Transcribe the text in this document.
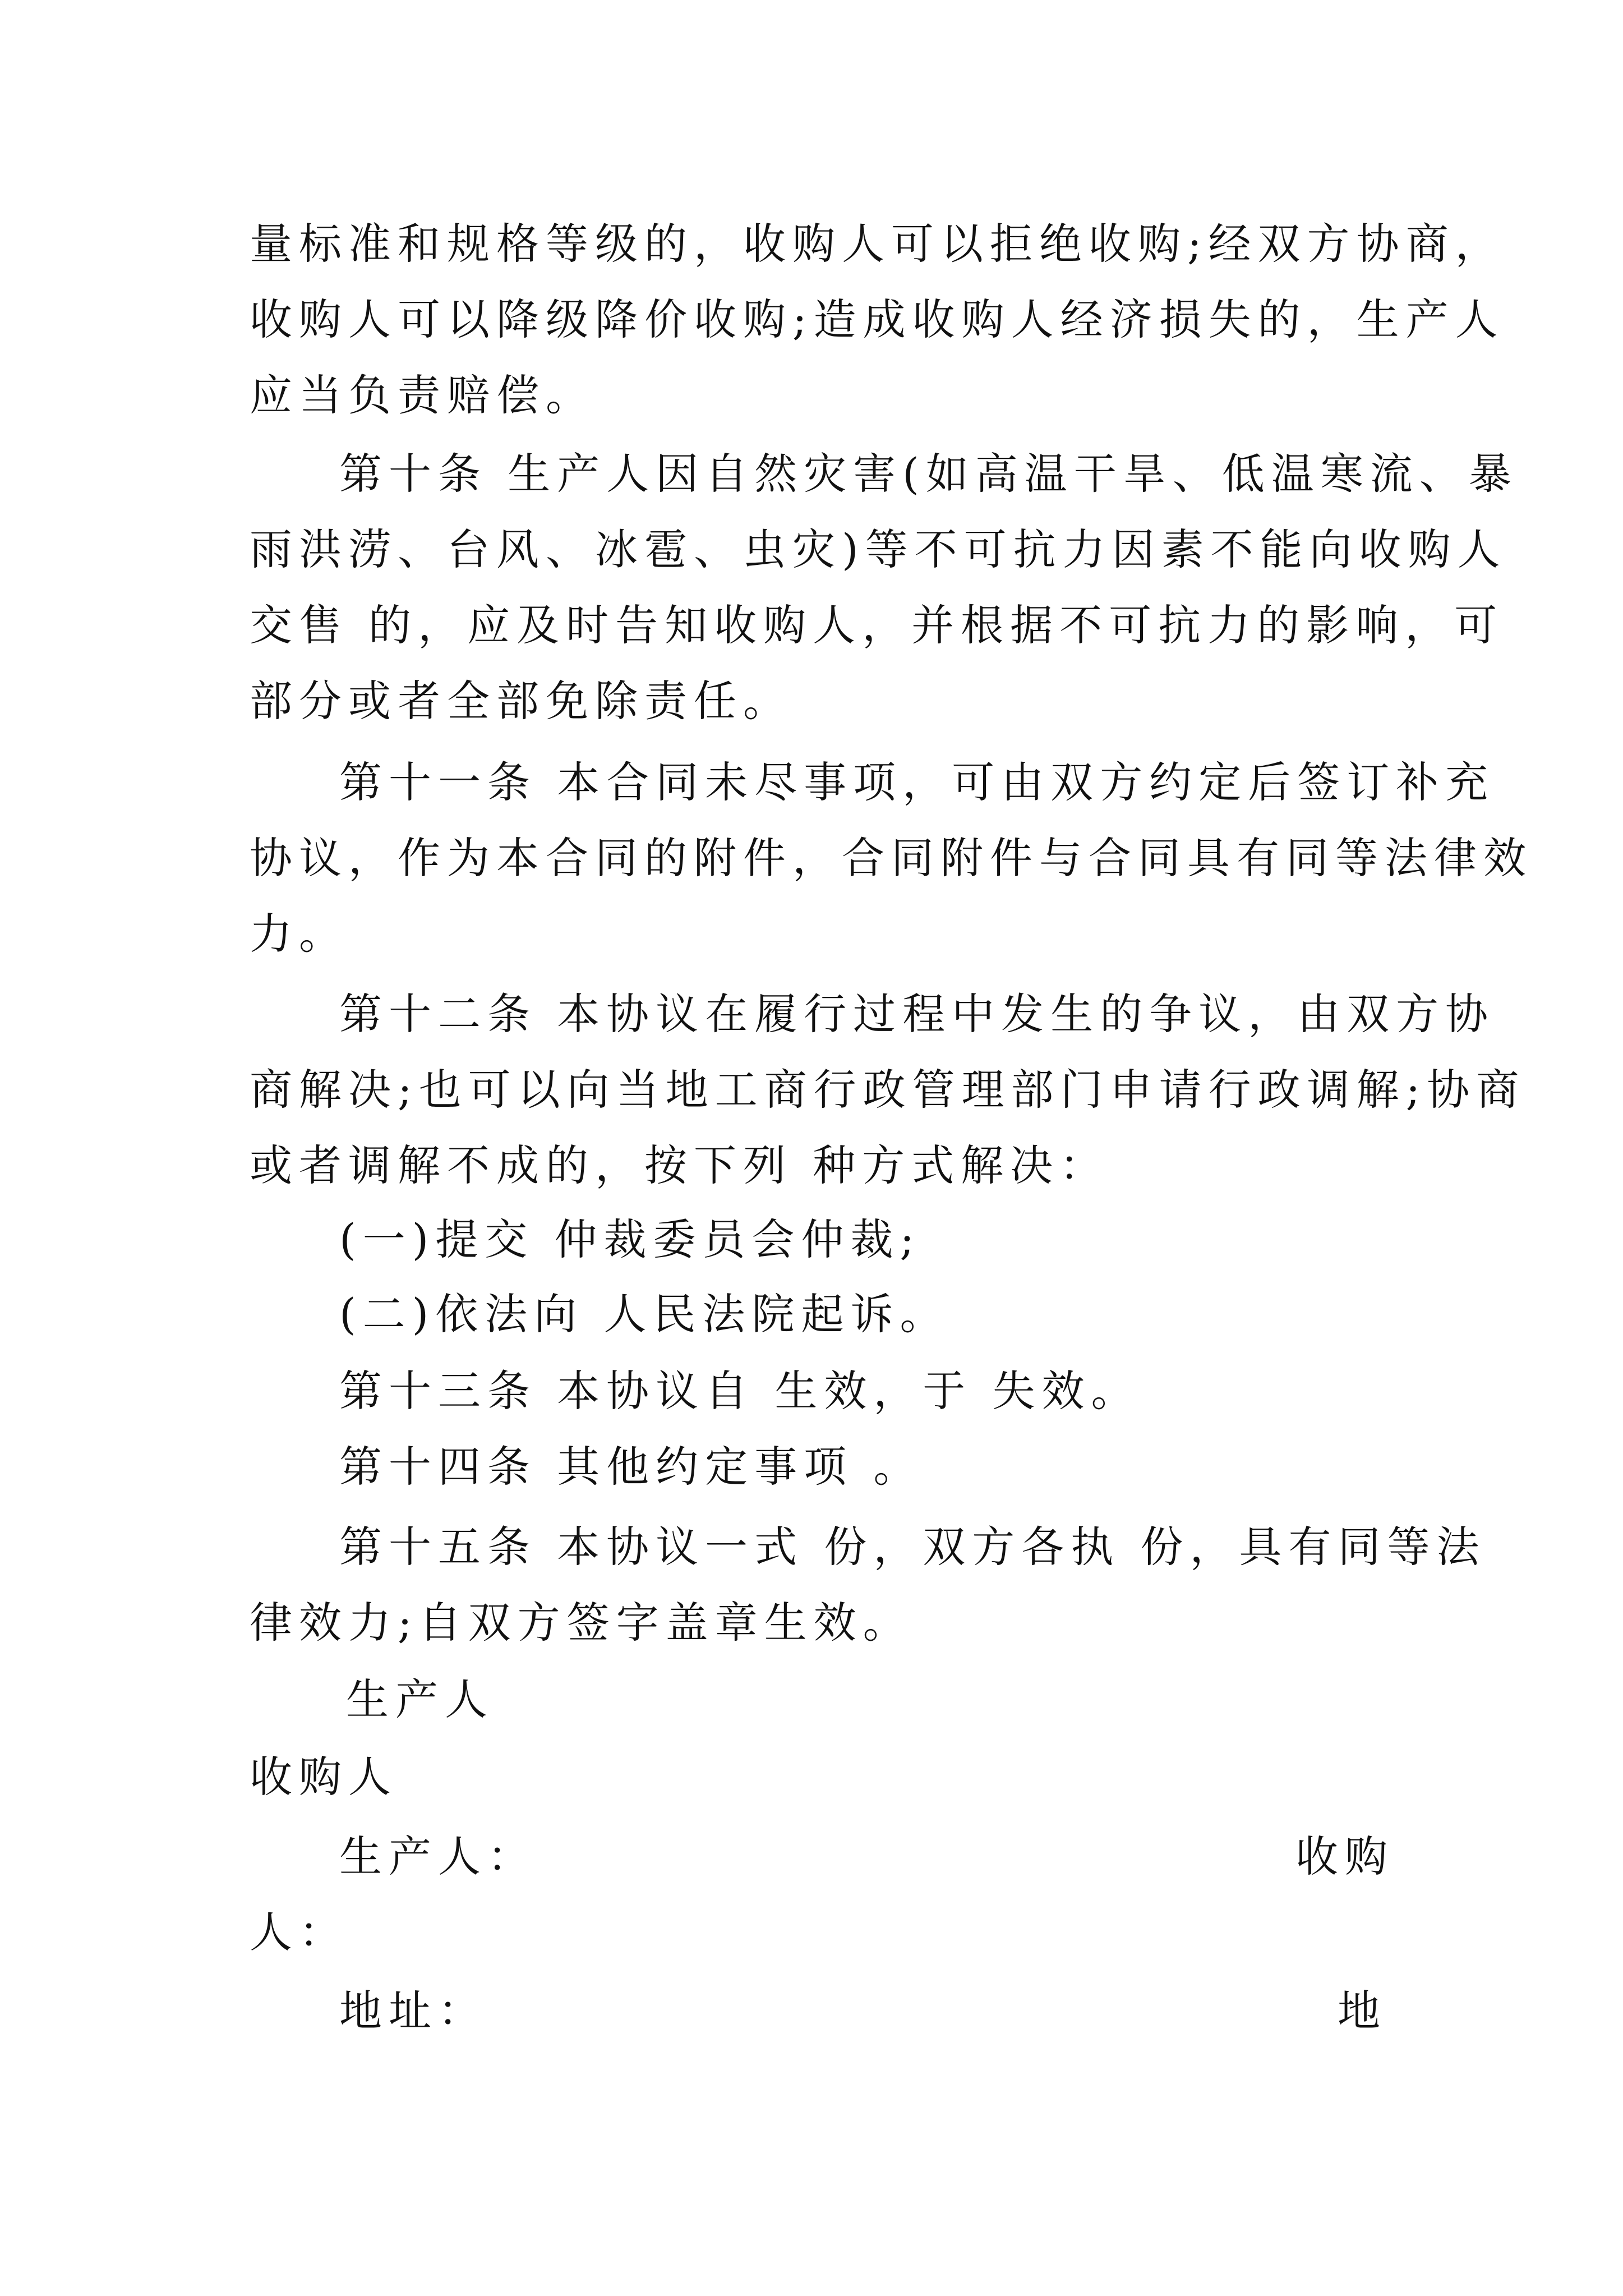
量标准和规格等级的，收购人可以拒绝收购;经双方协商，
收购人可以降级降价收购;造成收购人经济损失的，生产人
应当负责赔偿。
第十条 生产人因自然灾害(如高温干旱、低温寒流、暴
雨洪涝、台风、冰雹、虫灾)等不可抗力因素不能向收购人
交售 的，应及时告知收购人，并根据不可抗力的影响，可
部分或者全部免除责任。
第十一条 本合同未尽事项，可由双方约定后签订补充
协议，作为本合同的附件，合同附件与合同具有同等法律效
力。
第十二条 本协议在履行过程中发生的争议，由双方协
商解决;也可以向当地工商行政管理部门申请行政调解;协商
或者调解不成的，按下列 种方式解决：
(一)提交 仲裁委员会仲裁;
(二)依法向 人民法院起诉。
第十三条 本协议自 生效，于 失效。
第十四条 其他约定事项 。
第十五条 本协议一式 份，双方各执 份，具有同等法
律效力;自双方签字盖章生效。
生产人
收购人
生产人：	收购
人：
地址：	地
